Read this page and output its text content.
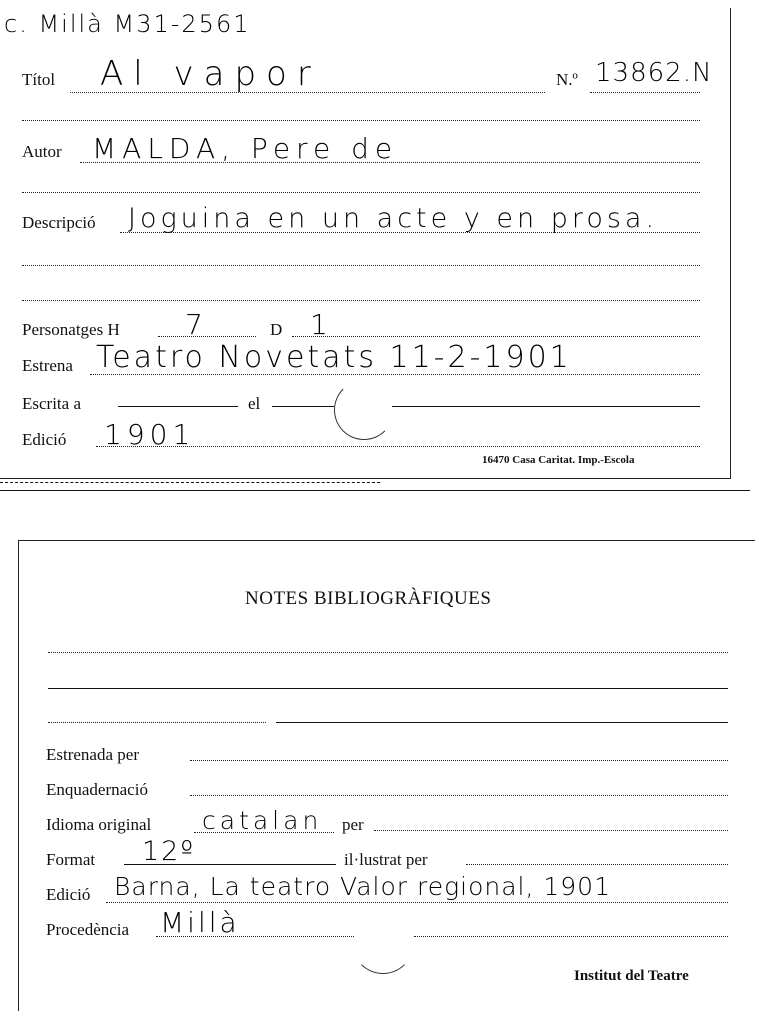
c. Millà M31-2561
Títol Al vapor	N.º 13862.N
Autor MALDA, Pere de
Descripció Joguina en un acte y en prosa.
Personatges H 7	D 1
Estrena Teatro Novetats 11-2-1901
Escrita a	el
Edició 1901
16470 Casa Caritat. Imp.-Escola
NOTES BIBLIOGRÀFIQUES
Estrenada per
Enquadernació
Idioma original catalan per
Format 12º	il·lustrat per
Edició Barna, La teatro Valor regional, 1901
Procedència Millà
Institut del Teatre
